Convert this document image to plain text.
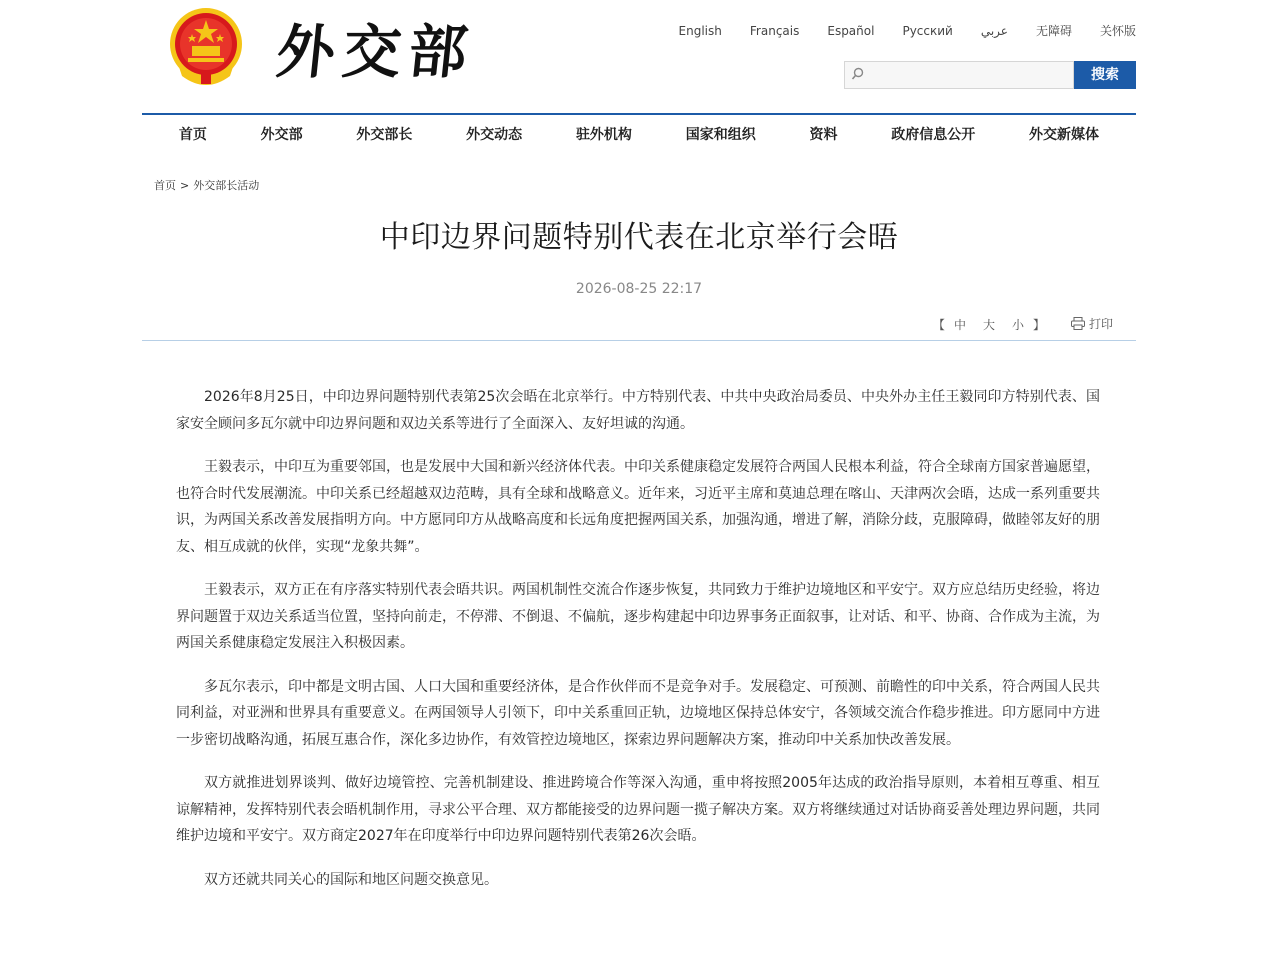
外交部	English Français Español Русский عربي 无障碍 关怀版
搜索
首页	外交部	外交部长	外交动态	驻外机构	国家和组织	资料	政府信息公开	外交新媒体
首页 > 外交部长活动
中印边界问题特别代表在北京举行会晤
2026-08-25 22:17
【 中 大 小 】	打印

2026年8月25日，中印边界问题特别代表第25次会晤在北京举行。中方特别代表、中共中央政治局委员、中央外办主任王毅同印方特别代表、国家安全顾问多瓦尔就中印边界问题和双边关系等进行了全面深入、友好坦诚的沟通。

王毅表示，中印互为重要邻国，也是发展中大国和新兴经济体代表。中印关系健康稳定发展符合两国人民根本利益，符合全球南方国家普遍愿望，也符合时代发展潮流。中印关系已经超越双边范畴，具有全球和战略意义。近年来，习近平主席和莫迪总理在喀山、天津两次会晤，达成一系列重要共识，为两国关系改善发展指明方向。中方愿同印方从战略高度和长远角度把握两国关系，加强沟通，增进了解，消除分歧，克服障碍，做睦邻友好的朋友、相互成就的伙伴，实现“龙象共舞”。

王毅表示，双方正在有序落实特别代表会晤共识。两国机制性交流合作逐步恢复，共同致力于维护边境地区和平安宁。双方应总结历史经验，将边界问题置于双边关系适当位置，坚持向前走，不停滞、不倒退、不偏航，逐步构建起中印边界事务正面叙事，让对话、和平、协商、合作成为主流，为两国关系健康稳定发展注入积极因素。

多瓦尔表示，印中都是文明古国、人口大国和重要经济体，是合作伙伴而不是竞争对手。发展稳定、可预测、前瞻性的印中关系，符合两国人民共同利益，对亚洲和世界具有重要意义。在两国领导人引领下，印中关系重回正轨，边境地区保持总体安宁，各领域交流合作稳步推进。印方愿同中方进一步密切战略沟通，拓展互惠合作，深化多边协作，有效管控边境地区，探索边界问题解决方案，推动印中关系加快改善发展。

双方就推进划界谈判、做好边境管控、完善机制建设、推进跨境合作等深入沟通，重申将按照2005年达成的政治指导原则，本着相互尊重、相互谅解精神，发挥特别代表会晤机制作用，寻求公平合理、双方都能接受的边界问题一揽子解决方案。双方将继续通过对话协商妥善处理边界问题，共同维护边境和平安宁。双方商定2027年在印度举行中印边界问题特别代表第26次会晤。

双方还就共同关心的国际和地区问题交换意见。
